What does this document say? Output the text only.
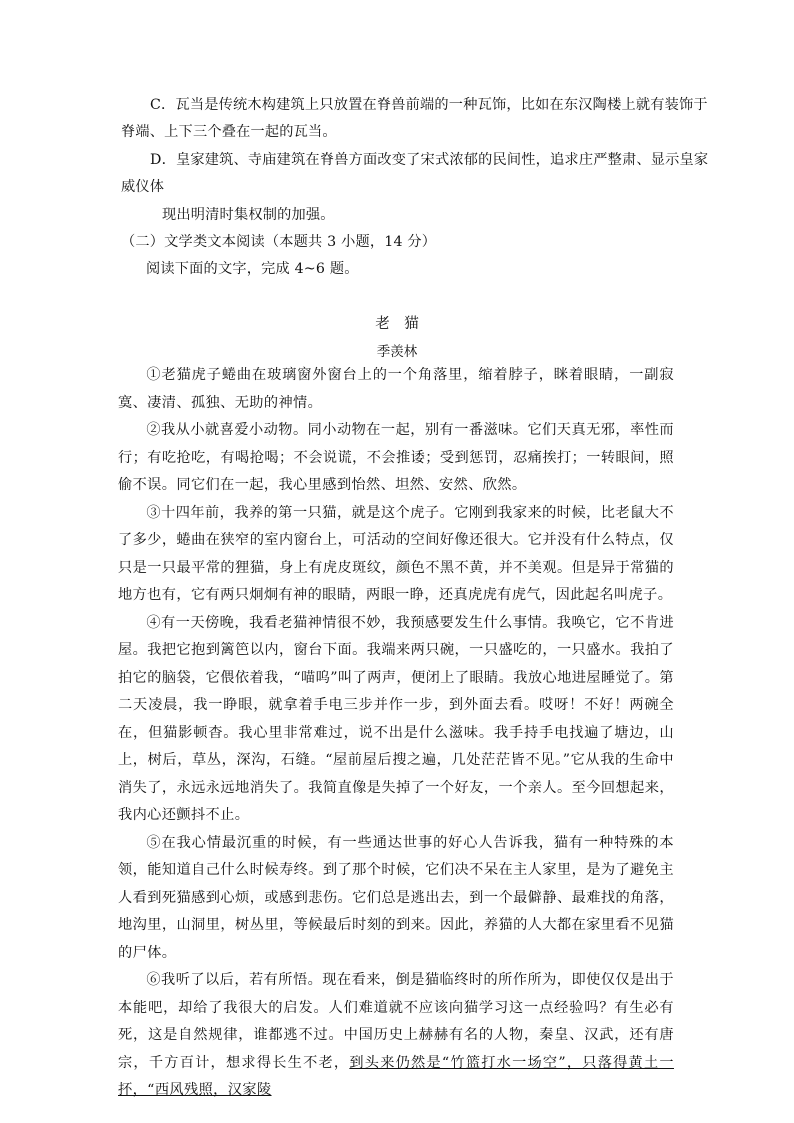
C．瓦当是传统木构建筑上只放置在脊兽前端的一种瓦饰，比如在东汉陶楼上就有装饰于
脊端、上下三个叠在一起的瓦当。
D．皇家建筑、寺庙建筑在脊兽方面改变了宋式浓郁的民间性，追求庄严整肃、显示皇家
威仪体
现出明清时集权制的加强。
（二）文学类文本阅读（本题共 3 小题，14 分）
阅读下面的文字，完成 4~6 题。
老　猫
季羡林

①老猫虎子蜷曲在玻璃窗外窗台上的一个角落里，缩着脖子，眯着眼睛，一副寂寞、凄清、孤独、无助的神情。

②我从小就喜爱小动物。同小动物在一起，别有一番滋味。它们天真无邪，率性而行；有吃抢吃，有喝抢喝；不会说谎，不会推诿；受到惩罚，忍痛挨打；一转眼间，照偷不误。同它们在一起，我心里感到怡然、坦然、安然、欣然。

③十四年前，我养的第一只猫，就是这个虎子。它刚到我家来的时候，比老鼠大不了多少，蜷曲在狭窄的室内窗台上，可活动的空间好像还很大。它并没有什么特点，仅只是一只最平常的狸猫，身上有虎皮斑纹，颜色不黑不黄，并不美观。但是异于常猫的地方也有，它有两只炯炯有神的眼睛，两眼一睁，还真虎虎有虎气，因此起名叫虎子。

④有一天傍晚，我看老猫神情很不妙，我预感要发生什么事情。我唤它，它不肯进屋。我把它抱到篱笆以内，窗台下面。我端来两只碗，一只盛吃的，一只盛水。我拍了拍它的脑袋，它偎依着我，“喵呜”叫了两声，便闭上了眼睛。我放心地进屋睡觉了。第二天凌晨，我一睁眼，就拿着手电三步并作一步，到外面去看。哎呀！不好！两碗全在，但猫影顿杳。我心里非常难过，说不出是什么滋味。我手持手电找遍了塘边，山上，树后，草丛，深沟，石缝。“屋前屋后搜之遍，几处茫茫皆不见。”它从我的生命中消失了，永远永远地消失了。我简直像是失掉了一个好友，一个亲人。至今回想起来，我内心还颤抖不止。

⑤在我心情最沉重的时候，有一些通达世事的好心人告诉我，猫有一种特殊的本领，能知道自己什么时候寿终。到了那个时候，它们决不呆在主人家里，是为了避免主人看到死猫感到心烦，或感到悲伤。它们总是逃出去，到一个最僻静、最难找的角落，地沟里，山洞里，树丛里，等候最后时刻的到来。因此，养猫的人大都在家里看不见猫的尸体。

⑥我听了以后，若有所悟。现在看来，倒是猫临终时的所作所为，即使仅仅是出于本能吧，却给了我很大的启发。人们难道就不应该向猫学习这一点经验吗？有生必有死，这是自然规律，谁都逃不过。中国历史上赫赫有名的人物，秦皇、汉武，还有唐宗，千方百计，想求得长生不老，到头来仍然是“竹篮打水一场空”，只落得黄土一抔，“西风残照，汉家陵
